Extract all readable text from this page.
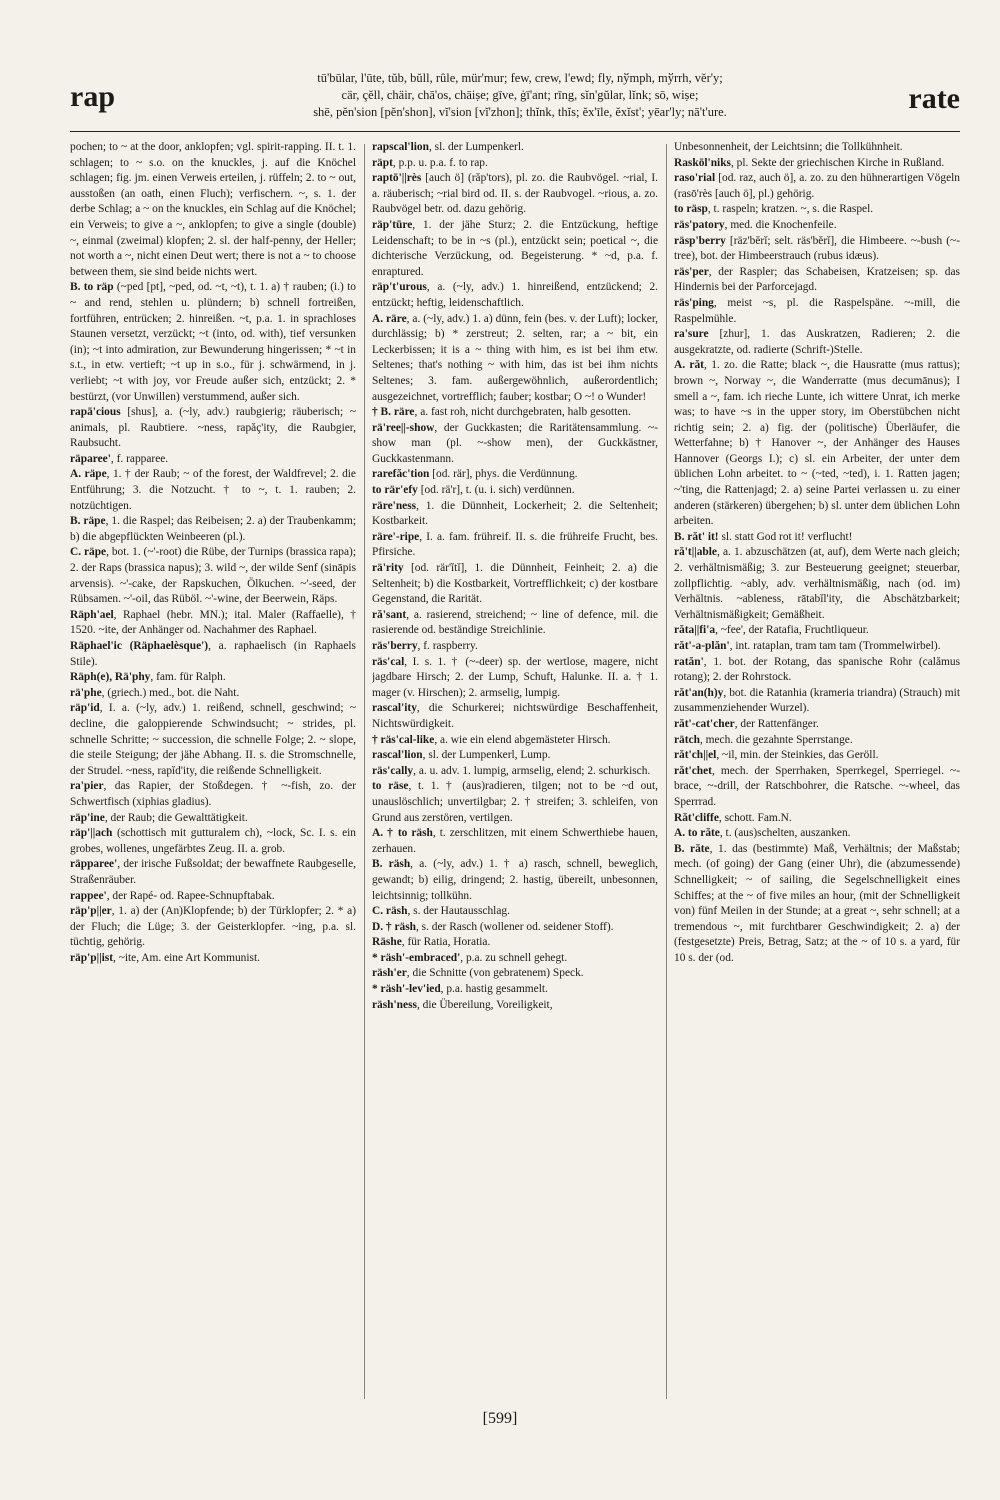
rap
tū'būlar, l'ūte, tŭb, bŭll, rûle, mür'mur; few, crew, l'ewd; fly, nўmph, mўrrh, vĕr'y;
cär, çĕll, chäir, chā'os, chāiṣe; gīve, ġī'ant; rīng, sĭn'gŭlar, lĭnk; sō, wiṣe;
shē, pĕn'sion [pĕn'shon], vĭ'sion [vĭ'zhon]; thĭnk, thĭs; ĕx'īle, ĕxĭst'; yēar'ly; nā't'ure.	rate
pochen; to ~ at the door, anklopfen; vgl. spirit-rapping. II. t. 1. schlagen; to ~ s.o. on the knuckles, j. auf die Knöchel schlagen; fig. jm. einen Verweis erteilen, j. rüffeln; 2. to ~ out, ausstoßen (an oath, einen Fluch); verfischern. ~, s. 1. der derbe Schlag; a ~ on the knuckles, ein Schlag auf die Knöchel; ein Verweis; to give a ~, anklopfen; to give a single (double) ~, einmal (zweimal) klopfen; 2. sl. der half-penny, der Heller; not worth a ~, nicht einen Deut wert; there is not a ~ to choose between them, sie sind beide nichts wert.
B. to räp (~ped [pt], ~ped, od. ~t, ~t), t. 1. a) † rauben; (i.) to ~ and rend, stehlen u. plündern; b) schnell fortreißen, fortführen, entrücken; 2. hinreißen. ~t, p.a. 1. in sprachloses Staunen versetzt, verzückt; ~t (into, od. with), tief versunken (in); ~t into admiration, zur Bewunderung hingerissen; * ~t in s.t., in etw. vertieft; ~t up in s.o., für j. schwärmend, in j. verliebt; ~t with joy, vor Freude außer sich, entzückt; 2. * bestürzt, (vor Unwillen) verstummend, außer sich.
rapā'cious [shus], a. (~ly, adv.) raubgierig; räuberisch; ~ animals, pl. Raubtiere. ~ness, rapăç'ity, die Raubgier, Raubsucht.
räparee', f. rapparee.
A. räpe, 1. † der Raub; ~ of the forest, der Waldfrevel; 2. die Entführung; 3. die Notzucht. † to ~, t. 1. rauben; 2. notzüchtigen.
B. räpe, 1. die Raspel; das Reibeisen; 2. a) der Traubenkamm; b) die abgepflückten Weinbeeren (pl.).
C. räpe, bot. 1. (~'-root) die Rübe, der Turnips (brassica rapa); 2. der Raps (brassica napus); 3. wild ~, der wilde Senf (sināpis arvensis). ~'-cake, der Rapskuchen, Ölkuchen. ~'-seed, der Rübsamen. ~'-oil, das Rüböl. ~'-wine, der Beerwein, Räps.
Räph'ael, Raphael (hebr. MN.); ital. Maler (Raffaelle), † 1520. ~ite, der Anhänger od. Nachahmer des Raphael.
Räphael'ic (Räphaelèsque'), a. raphaelisch (in Raphaels Stile).
Räph(e), Rä'phy, fam. für Ralph.
rä'phe, (griech.) med., bot. die Naht.
räp'id, I. a. (~ly, adv.) 1. reißend, schnell, geschwind; ~ decline, die galoppierende Schwindsucht; ~ strides, pl. schnelle Schritte; ~ succession, die schnelle Folge; 2. ~ slope, die steile Steigung; der jähe Abhang. II. s. die Stromschnelle, der Strudel. ~ness, rapĭd'ity, die reißende Schnelligkeit.
ra'pier, das Rapier, der Stoßdegen. † ~-fish, zo. der Schwertfisch (xiphias gladius).
räp'ine, der Raub; die Gewalttätigkeit.
räp'||ach (schottisch mit gutturalem ch), ~lock, Sc. I. s. ein grobes, wollenes, ungefärbtes Zeug. II. a. grob.
räpparee', der irische Fußsoldat; der bewaffnete Raubgeselle, Straßenräuber.
rappee', der Rapé- od. Rapee-Schnupftabak.
räp'p||er, 1. a) der (An)Klopfende; b) der Türklopfer; 2. * a) der Fluch; die Lüge; 3. der Geisterklopfer. ~ing, p.a. sl. tüchtig, gehörig.
räp'p||ist, ~ite, Am. eine Art Kommunist.
rapscal'lion, sl. der Lumpenkerl.
räpt, p.p. u. p.a. f. to rap.
raptō'||rès [auch ö] (răp'tors), pl. zo. die Raubvögel. ~rial, I. a. räuberisch; ~rial bird od. II. s. der Raubvogel. ~rious, a. zo. Raubvögel betr. od. dazu gehörig.
räp'tūre, 1. der jähe Sturz; 2. die Entzückung, heftige Leidenschaft; to be in ~s (pl.), entzückt sein; poetical ~, die dichterische Verzückung, od. Begeisterung. * ~d, p.a. f. enraptured.
räp't'urous, a. (~ly, adv.) 1. hinreißend, entzückend; 2. entzückt; heftig, leidenschaftlich.
A. räre, a. (~ly, adv.) 1. a) dünn, fein (bes. v. der Luft); locker, durchlässig; b) * zerstreut; 2. selten, rar; a ~ bit, ein Leckerbissen; it is a ~ thing with him, es ist bei ihm etw. Seltenes; that's nothing ~ with him, das ist bei ihm nichts Seltenes; 3. fam. außergewöhnlich, außerordentlich; ausgezeichnet, vortrefflich; fauber; kostbar; O ~! o Wunder!
† B. räre, a. fast roh, nicht durchgebraten, halb gesotten.
rä'ree||-show, der Guckkasten; die Raritätensammlung. ~-show man (pl. ~-show men), der Guckkästner, Guckkastenmann.
rarefăc'tion [od. rär], phys. die Verdünnung.
to rär'efy [od. rä'r], t. (u. i. sich) verdünnen.
räre'ness, 1. die Dünnheit, Lockerheit; 2. die Seltenheit; Kostbarkeit.
räre'-ripe, I. a. fam. frühreif. II. s. die frühreife Frucht, bes. Pfirsiche.
rä'rity [od. rär'ĭtĭ], 1. die Dünnheit, Feinheit; 2. a) die Seltenheit; b) die Kostbarkeit, Vortrefflichkeit; c) der kostbare Gegenstand, die Rarität.
ră'sant, a. rasierend, streichend; ~ line of defence, mil. die rasierende od. beständige Streichlinie.
räs'berry, f. raspberry.
räs'cal, I. s. 1. † (~-deer) sp. der wertlose, magere, nicht jagdbare Hirsch; 2. der Lump, Schuft, Halunke. II. a. † 1. mager (v. Hirschen); 2. armselig, lumpig.
rascal'ity, die Schurkerei; nichtswürdige Beschaffenheit, Nichtswürdigkeit.
† räs'cal-like, a. wie ein elend abgemästeter Hirsch.
rascal'lion, sl. der Lumpenkerl, Lump.
räs'cally, a. u. adv. 1. lumpig, armselig, elend; 2. schurkisch.
to räse, t. 1. † (aus)radieren, tilgen; not to be ~d out, unauslöschlich; unvertilgbar; 2. † streifen; 3. schleifen, von Grund aus zerstören, vertilgen.
A. † to räsh, t. zerschlitzen, mit einem Schwerthiebe hauen, zerhauen.
B. räsh, a. (~ly, adv.) 1. † a) rasch, schnell, beweglich, gewandt; b) eilig, dringend; 2. hastig, übereilt, unbesonnen, leichtsinnig; tollkühn.
C. räsh, s. der Hautausschlag.
D. † räsh, s. der Rasch (wollener od. seidener Stoff).
Räshe, für Ratia, Horatia.
* räsh'-embraced', p.a. zu schnell gehegt.
räsh'er, die Schnitte (von gebratenem) Speck.
* räsh'-lev'ied, p.a. hastig gesammelt.
räsh'ness, die Übereilung, Voreiligkeit,
Unbesonnenheit, der Leichtsinn; die Tollkühnheit.
Raskōl'niks, pl. Sekte der griechischen Kirche in Rußland.
raso'rial [od. raz, auch ö], a. zo. zu den hühnerartigen Vögeln (rasō'rès [auch ö], pl.) gehörig.
to räsp, t. raspeln; kratzen. ~, s. die Raspel.
räs'patory, med. die Knochenfeile.
räsp'berry [räz'bĕrĭ; selt. räs'bĕrĭ], die Himbeere. ~-bush (~-tree), bot. der Himbeerstrauch (rubus idæus).
räs'per, der Raspler; das Schabeisen, Kratzeisen; sp. das Hindernis bei der Parforcejagd.
räs'ping, meist ~s, pl. die Raspelspäne. ~-mill, die Raspelmühle.
ra'sure [zhur], 1. das Auskratzen, Radieren; 2. die ausgekratzte, od. radierte (Schrift-)Stelle.
A. răt, 1. zo. die Ratte; black ~, die Hausratte (mus rattus); brown ~, Norway ~, die Wanderratte (mus decumānus); I smell a ~, fam. ich rieche Lunte, ich wittere Unrat, ich merke was; to have ~s in the upper story, im Oberstübchen nicht richtig sein; 2. a) fig. der (politische) Überläufer, die Wetterfahne; b) † Hanover ~, der Anhänger des Hauses Hannover (Georgs I.); c) sl. ein Arbeiter, der unter dem üblichen Lohn arbeitet. to ~ (~ted, ~ted), i. 1. Ratten jagen; ~'ting, die Rattenjagd; 2. a) seine Partei verlassen u. zu einer anderen (stärkeren) übergehen; b) sl. unter dem üblichen Lohn arbeiten.
B. răt' it! sl. statt God rot it! verflucht!
ră't||able, a. 1. abzuschätzen (at, auf), dem Werte nach gleich; 2. verhältnismäßig; 3. zur Besteuerung geeignet; steuerbar, zollpflichtig. ~ably, adv. verhältnismäßig, nach (od. im) Verhältnis. ~ableness, rātabĭl'ity, die Abschätzbarkeit; Verhältnismäßigkeit; Gemäßheit.
răta||fi'a, ~fee', der Ratafia, Fruchtliqueur.
răt'-a-plăn', int. rataplan, tram tam tam (Trommelwirbel).
ratăn', 1. bot. der Rotang, das spanische Rohr (calămus rotang); 2. der Rohrstock.
răt'an(h)y, bot. die Ratanhia (krameria triandra) (Strauch) mit zusammenziehender Wurzel).
răt'-cat'cher, der Rattenfänger.
rätch, mech. die gezahnte Sperrstange.
răt'ch||el, ~il, min. der Steinkies, das Geröll.
răt'chet, mech. der Sperrhaken, Sperrkegel, Sperriegel. ~-brace, ~-drill, der Ratschbohrer, die Ratsche. ~-wheel, das Sperrrad.
Răt'cliffe, schott. Fam.N.
A. to răte, t. (aus)schelten, auszanken.
B. răte, 1. das (bestimmte) Maß, Verhältnis; der Maßstab; mech. (of going) der Gang (einer Uhr), die (abzumessende) Schnelligkeit; ~ of sailing, die Segelschnelligkeit eines Schiffes; at the ~ of five miles an hour, (mit der Schnelligkeit von) fünf Meilen in der Stunde; at a great ~, sehr schnell; at a tremendous ~, mit furchtbarer Geschwindigkeit; 2. a) der (festgesetzte) Preis, Betrag, Satz; at the ~ of 10 s. a yard, für 10 s. der (od.
[599]
